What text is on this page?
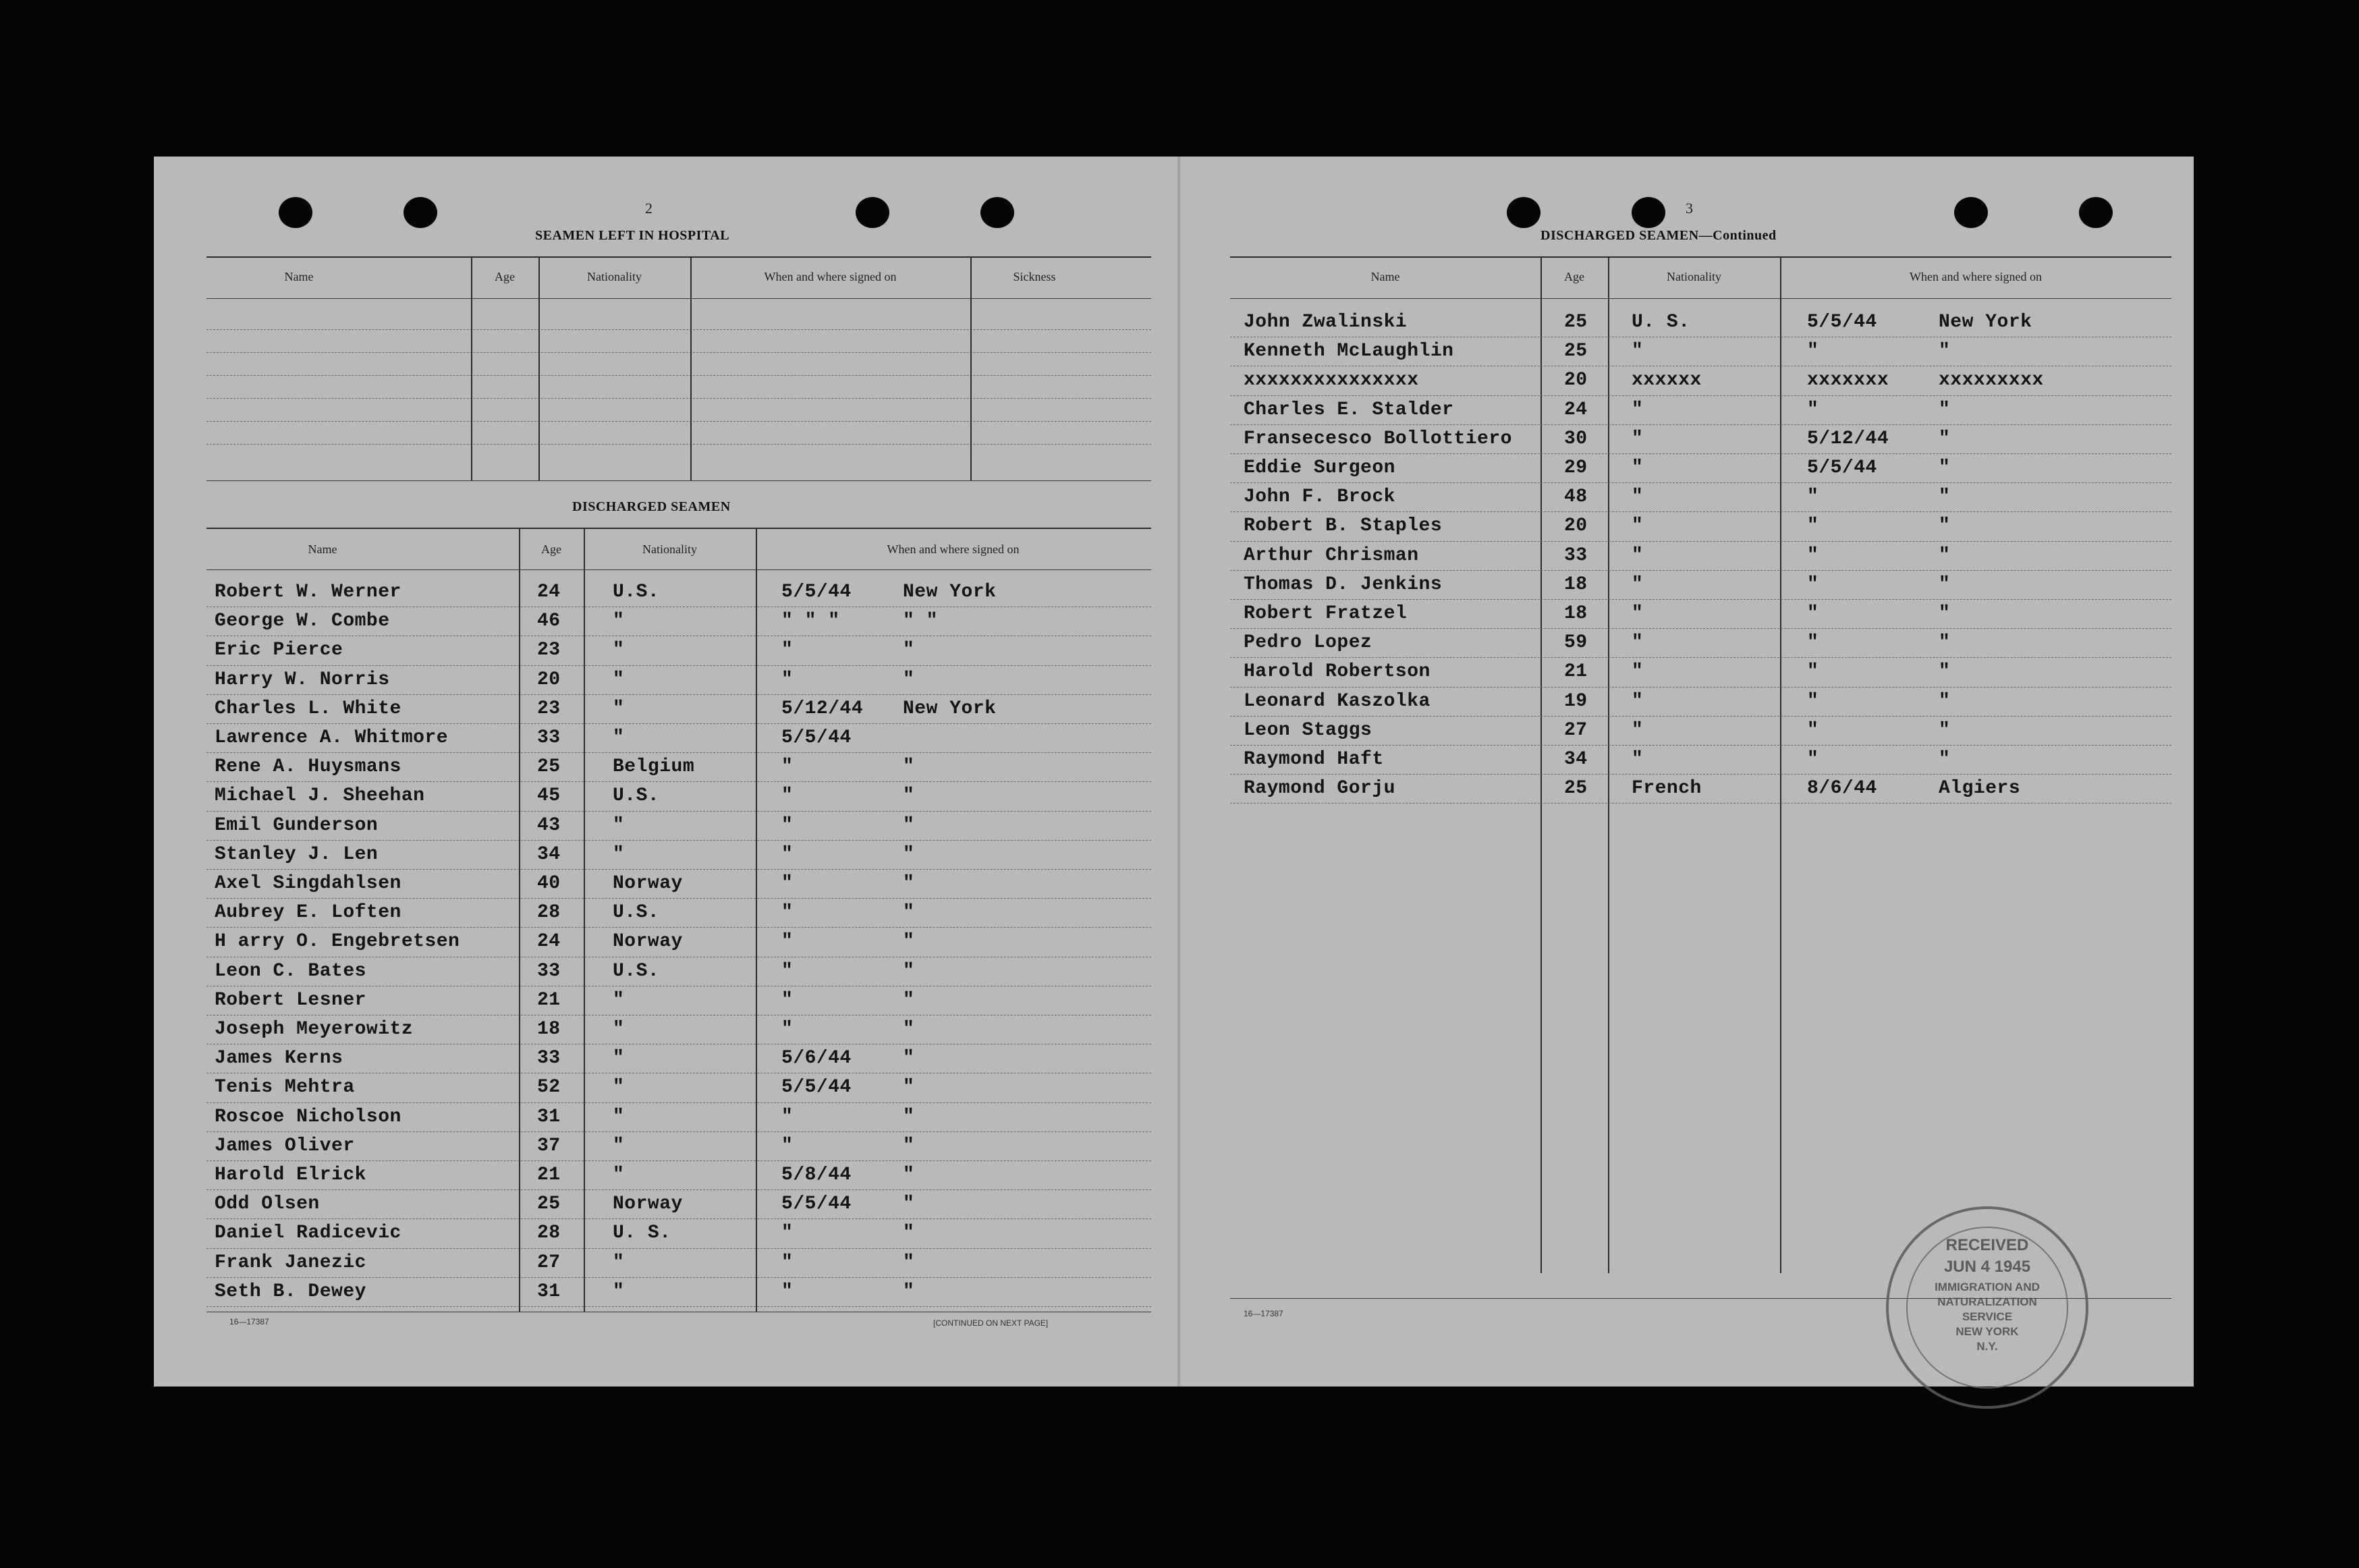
2
SEAMEN LEFT IN HOSPITAL
Name	Age	Nationality	When and where signed on	Sickness
DISCHARGED SEAMEN
Name	Age	Nationality	When and where signed on
Robert W. Werner	24	U.S.	5/5/44	New York
George W. Combe	46	"	" " "	" "
Eric Pierce	23	"	"	"
Harry W. Norris	20	"	"	"
Charles L. White	23	"	5/12/44 New York
Lawrence A. Whitmore	33	"	5/5/44
Rene A. Huysmans	25	Belgium	"	"
Michael J. Sheehan	45	U.S.	"	"
Emil Gunderson	43	"	"	"
Stanley J. Len	34	"	"	"
Axel Singdahlsen	40	Norway	"	"
Aubrey E. Loften	28	U.S.	"	"
H arry O. Engebretsen	24	Norway	"	"
Leon C. Bates	33	U.S.	"	"
Robert Lesner	21	"	"	"
Joseph Meyerowitz	18	"	"	"
James Kerns	33	"	5/6/44	"
Tenis Mehtra	52	"	5/5/44	"
Roscoe Nicholson	31	"	"	"
James Oliver	37	"	"	"
Harold Elrick	21	"	5/8/44	"
Odd Olsen	25	Norway	5/5/44	"
Daniel Radicevic	28	U. S.	"	"
Frank Janezic	27	"	"	"
Seth B. Dewey	31	"	"	"
16—17387	[CONTINUED ON NEXT PAGE]
3
DISCHARGED SEAMEN—Continued
Name	Age	Nationality	When and where signed on
John Zwalinski	25 U. S.	5/5/44	New York
Kenneth McLaughlin	25 "	"	"
xxxxxxxxxxxxxxx	20 xxxxxx	xxxxxxx	xxxxxxxxx
Charles E. Stalder	24 "	"	"
Fransecesco Bollottiero	30 "	5/12/44	"
Eddie Surgeon	29 "	5/5/44	"
John F. Brock	48 "	"	"
Robert B. Staples	20 "	"	"
Arthur Chrisman	33 "	"	"
Thomas D. Jenkins	18 "	"	"
Robert Fratzel	18 "	"	"
Pedro Lopez	59 "	"	"
Harold Robertson	21 "	"	"
Leonard Kaszolka	19 "	"	"
Leon Staggs	27 "	"	"
Raymond Haft	34 "	"	"
Raymond Gorju	25 French	8/6/44	Algiers
16—17387
RECEIVED
JUN 4 1945
IMMIGRATION AND
NATURALIZATION
SERVICE
NEW YORK
N.Y.
